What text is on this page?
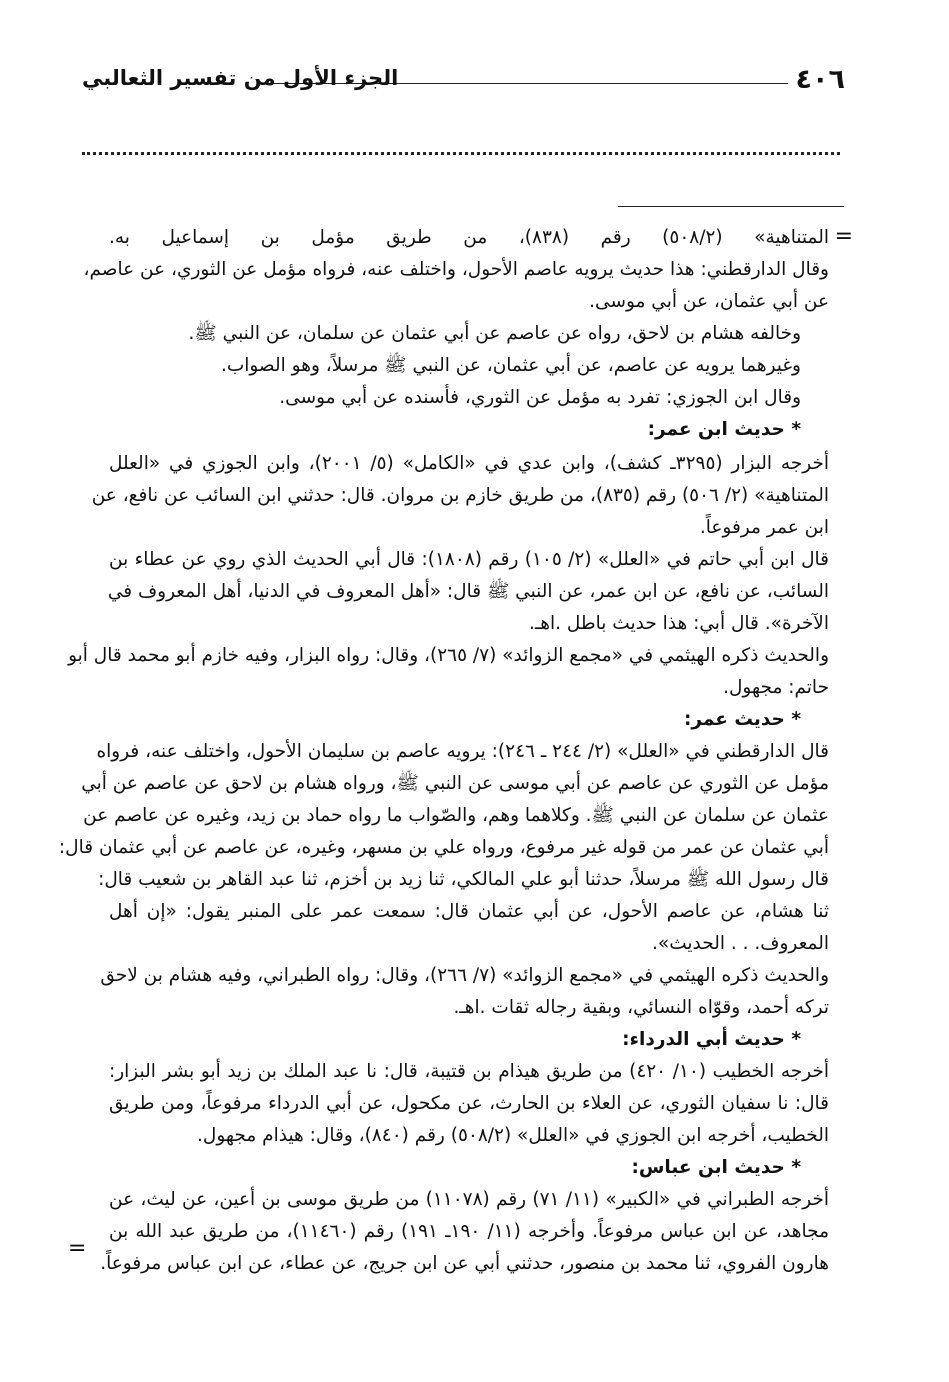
٤٠٦
الجزء الأول من تفسير الثعالبي
=
المتناهية» (٥٠٨/٢) رقم (٨٣٨)، من طريق مؤمل بن إسماعيل به.
وقال الدارقطني: هذا حديث يرويه عاصم الأحول، واختلف عنه، فرواه مؤمل عن الثوري، عن عاصم،
عن أبي عثمان، عن أبي موسى.
وخالفه هشام بن لاحق، رواه عن عاصم عن أبي عثمان عن سلمان، عن النبي ﷺ.
وغيرهما يرويه عن عاصم، عن أبي عثمان، عن النبي ﷺ مرسلاً، وهو الصواب.
وقال ابن الجوزي: تفرد به مؤمل عن الثوري، فأسنده عن أبي موسى.
* حديث ابن عمر:
أخرجه البزار (٣٢٩٥ـ كشف)، وابن عدي في «الكامل» (٥/ ٢٠٠١)، وابن الجوزي في «العلل
المتناهية» (٢/ ٥٠٦) رقم (٨٣٥)، من طريق خازم بن مروان. قال: حدثني ابن السائب عن نافع، عن
ابن عمر مرفوعاً.
قال ابن أبي حاتم في «العلل» (٢/ ١٠٥) رقم (١٨٠٨): قال أبي الحديث الذي روي عن عطاء بن
السائب، عن نافع، عن ابن عمر، عن النبي ﷺ قال: «أهل المعروف في الدنيا، أهل المعروف في
الآخرة». قال أبي: هذا حديث باطل .اهـ.
والحديث ذكره الهيثمي في «مجمع الزوائد» (٧/ ٢٦٥)، وقال: رواه البزار، وفيه خازم أبو محمد قال أبو
حاتم: مجهول.
* حديث عمر:
قال الدارقطني في «العلل» (٢/ ٢٤٤ ـ ٢٤٦): يرويه عاصم بن سليمان الأحول، واختلف عنه، فرواه
مؤمل عن الثوري عن عاصم عن أبي موسى عن النبي ﷺ، ورواه هشام بن لاحق عن عاصم عن أبي
عثمان عن سلمان عن النبي ﷺ. وكلاهما وهم، والصّواب ما رواه حماد بن زيد، وغيره عن عاصم عن
أبي عثمان عن عمر من قوله غير مرفوع، ورواه علي بن مسهر، وغيره، عن عاصم عن أبي عثمان قال:
قال رسول الله ﷺ مرسلاً، حدثنا أبو علي المالكي، ثنا زيد بن أخزم، ثنا عبد القاهر بن شعيب قال:
ثنا هشام، عن عاصم الأحول، عن أبي عثمان قال: سمعت عمر على المنبر يقول: «إن أهل
المعروف. . . الحديث».
والحديث ذكره الهيثمي في «مجمع الزوائد» (٧/ ٢٦٦)، وقال: رواه الطبراني، وفيه هشام بن لاحق
تركه أحمد، وقوّاه النسائي، وبقية رجاله ثقات .اهـ.
* حديث أبي الدرداء:
أخرجه الخطيب (١٠/ ٤٢٠) من طريق هيذام بن قتيبة، قال: نا عبد الملك بن زيد أبو بشر البزار:
قال: نا سفيان الثوري، عن العلاء بن الحارث، عن مكحول، عن أبي الدرداء مرفوعاً، ومن طريق
الخطيب، أخرجه ابن الجوزي في «العلل» (٥٠٨/٢) رقم (٨٤٠)، وقال: هيذام مجهول.
* حديث ابن عباس:
أخرجه الطبراني في «الكبير» (١١/ ٧١) رقم (١١٠٧٨) من طريق موسى بن أعين، عن ليث، عن
مجاهد، عن ابن عباس مرفوعاً. وأخرجه (١١/ ١٩٠ـ ١٩١) رقم (١١٤٦٠)، من طريق عبد الله بن
هارون الفروي، ثنا محمد بن منصور، حدثني أبي عن ابن جريج، عن عطاء، عن ابن عباس مرفوعاً.
=
